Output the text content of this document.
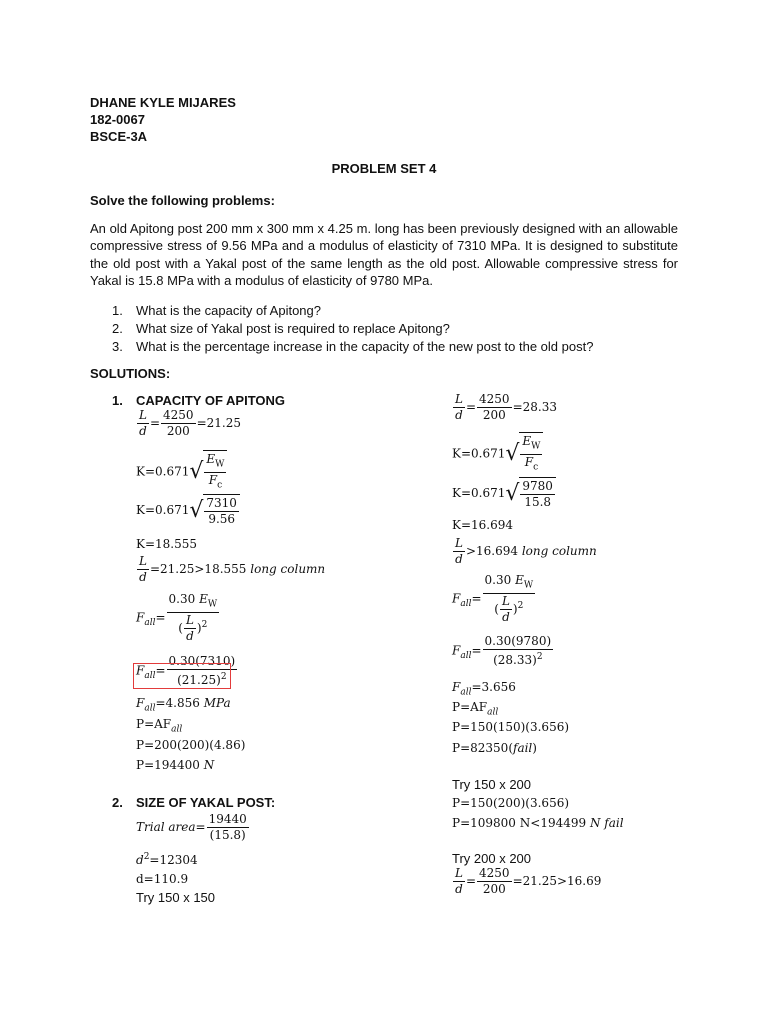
DHANE KYLE MIJARES
182-0067
BSCE-3A
PROBLEM SET 4
Solve the following problems:
An old Apitong post 200 mm x 300 mm x 4.25 m. long has been previously designed with an allowable compressive stress of 9.56 MPa and a modulus of elasticity of 7310 MPa. It is designed to substitute the old post with a Yakal post of the same length as the old post. Allowable compressive stress for Yakal is 15.8 MPa with a modulus of elasticity of 9780 MPa.
1.	What is the capacity of Apitong?
2.	What size of Yakal post is required to replace Apitong?
3.	What is the percentage increase in the capacity of the new post to the old post?
SOLUTIONS:
1.	CAPACITY OF APITONG
$\frac{L}{d} = \frac{4250}{200} =21.25$
K=0.671 √ $\frac{E_W}{F_c}$
K=0.671 √ $\frac{7310}{9.56}$
K=18.555
$\frac{L}{d} =21.25>18.555$ long column
$F_{all}= \frac{0.30 E_W}{( \frac{L}{d} )^2}$
$F_{all}= \frac{0.30(7310)}{(21.25)^2}$
$F_{all}=4.856$ MPa
$P=AF_{all}$
P=200(200)(4.86)
P=194400 N
2.	SIZE OF YAKAL POST:
Trial area= $\frac{19440}{(15.8)}$
$d^2=12304$
d=110.9
Try 150 x 150
$\frac{L}{d} = \frac{4250}{200} =28.33$
K=0.671 √ $\frac{E_W}{F_c}$
K=0.671 √ $\frac{9780}{15.8}$
K=16.694
$\frac{L}{d} >16.694$ long column
$F_{all}= \frac{0.30 E_W}{( \frac{L}{d} )^2}$
$F_{all}= \frac{0.30(9780)}{(28.33)^2}$
$F_{all}=3.656$
$P=AF_{all}$
P=150(150)(3.656)
P=82350(fail)
Try 150 x 200
P=150(200)(3.656)
P=109800 N<194499 N fail
Try 200 x 200
$\frac{L}{d} = \frac{4250}{200} =21.25>16.69$
